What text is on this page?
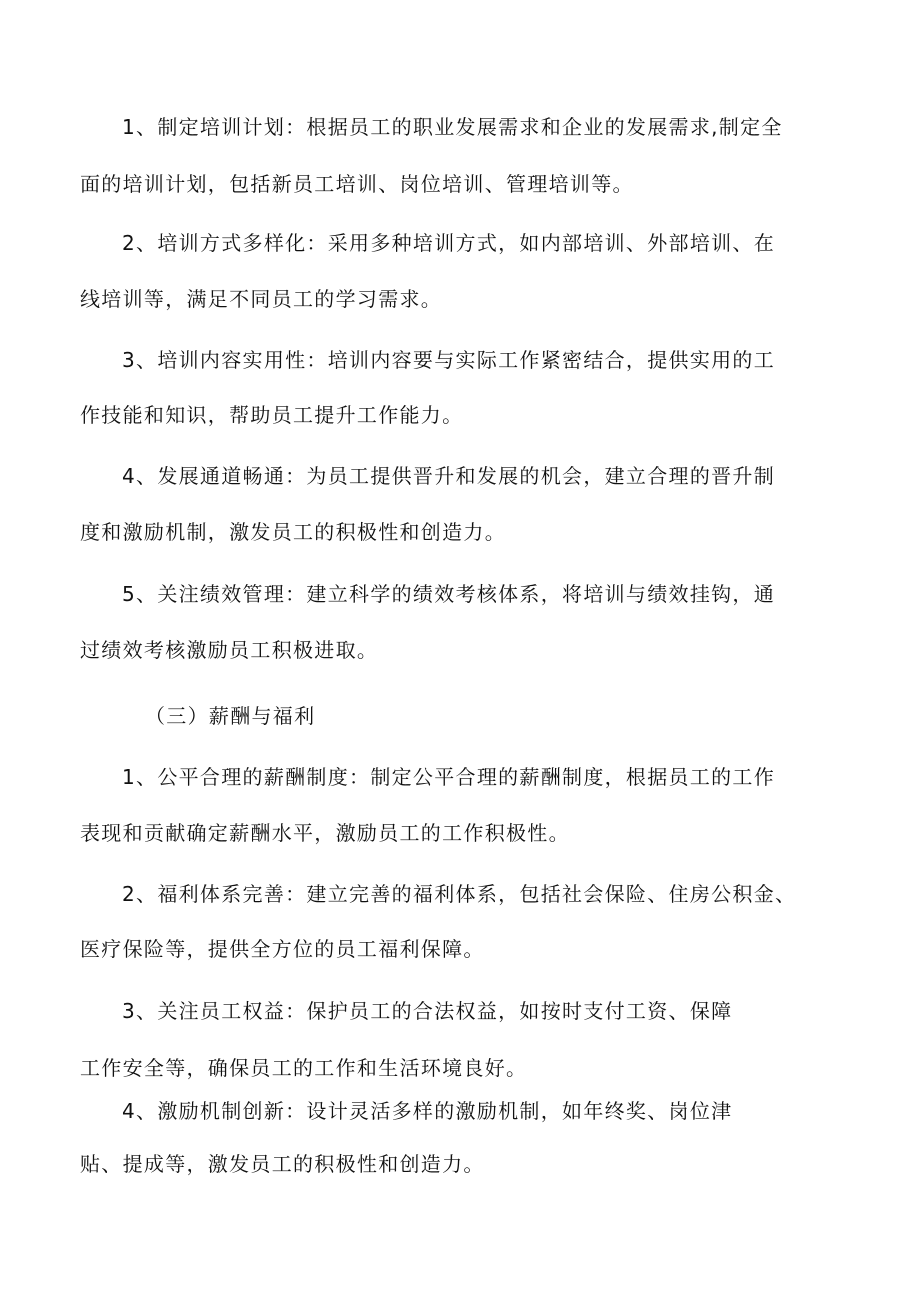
1、制定培训计划：根据员工的职业发展需求和企业的发展需求,制定全

面的培训计划，包括新员工培训、岗位培训、管理培训等。

2、培训方式多样化：采用多种培训方式，如内部培训、外部培训、在

线培训等，满足不同员工的学习需求。

3、培训内容实用性：培训内容要与实际工作紧密结合，提供实用的工

作技能和知识，帮助员工提升工作能力。

4、发展通道畅通：为员工提供晋升和发展的机会，建立合理的晋升制

度和激励机制，激发员工的积极性和创造力。

5、关注绩效管理：建立科学的绩效考核体系，将培训与绩效挂钩，通

过绩效考核激励员工积极进取。

（三）薪酬与福利

1、公平合理的薪酬制度：制定公平合理的薪酬制度，根据员工的工作

表现和贡献确定薪酬水平，激励员工的工作积极性。

2、福利体系完善：建立完善的福利体系，包括社会保险、住房公积金、

医疗保险等，提供全方位的员工福利保障。

3、关注员工权益：保护员工的合法权益，如按时支付工资、保障

工作安全等，确保员工的工作和生活环境良好。

4、激励机制创新：设计灵活多样的激励机制，如年终奖、岗位津

贴、提成等，激发员工的积极性和创造力。
